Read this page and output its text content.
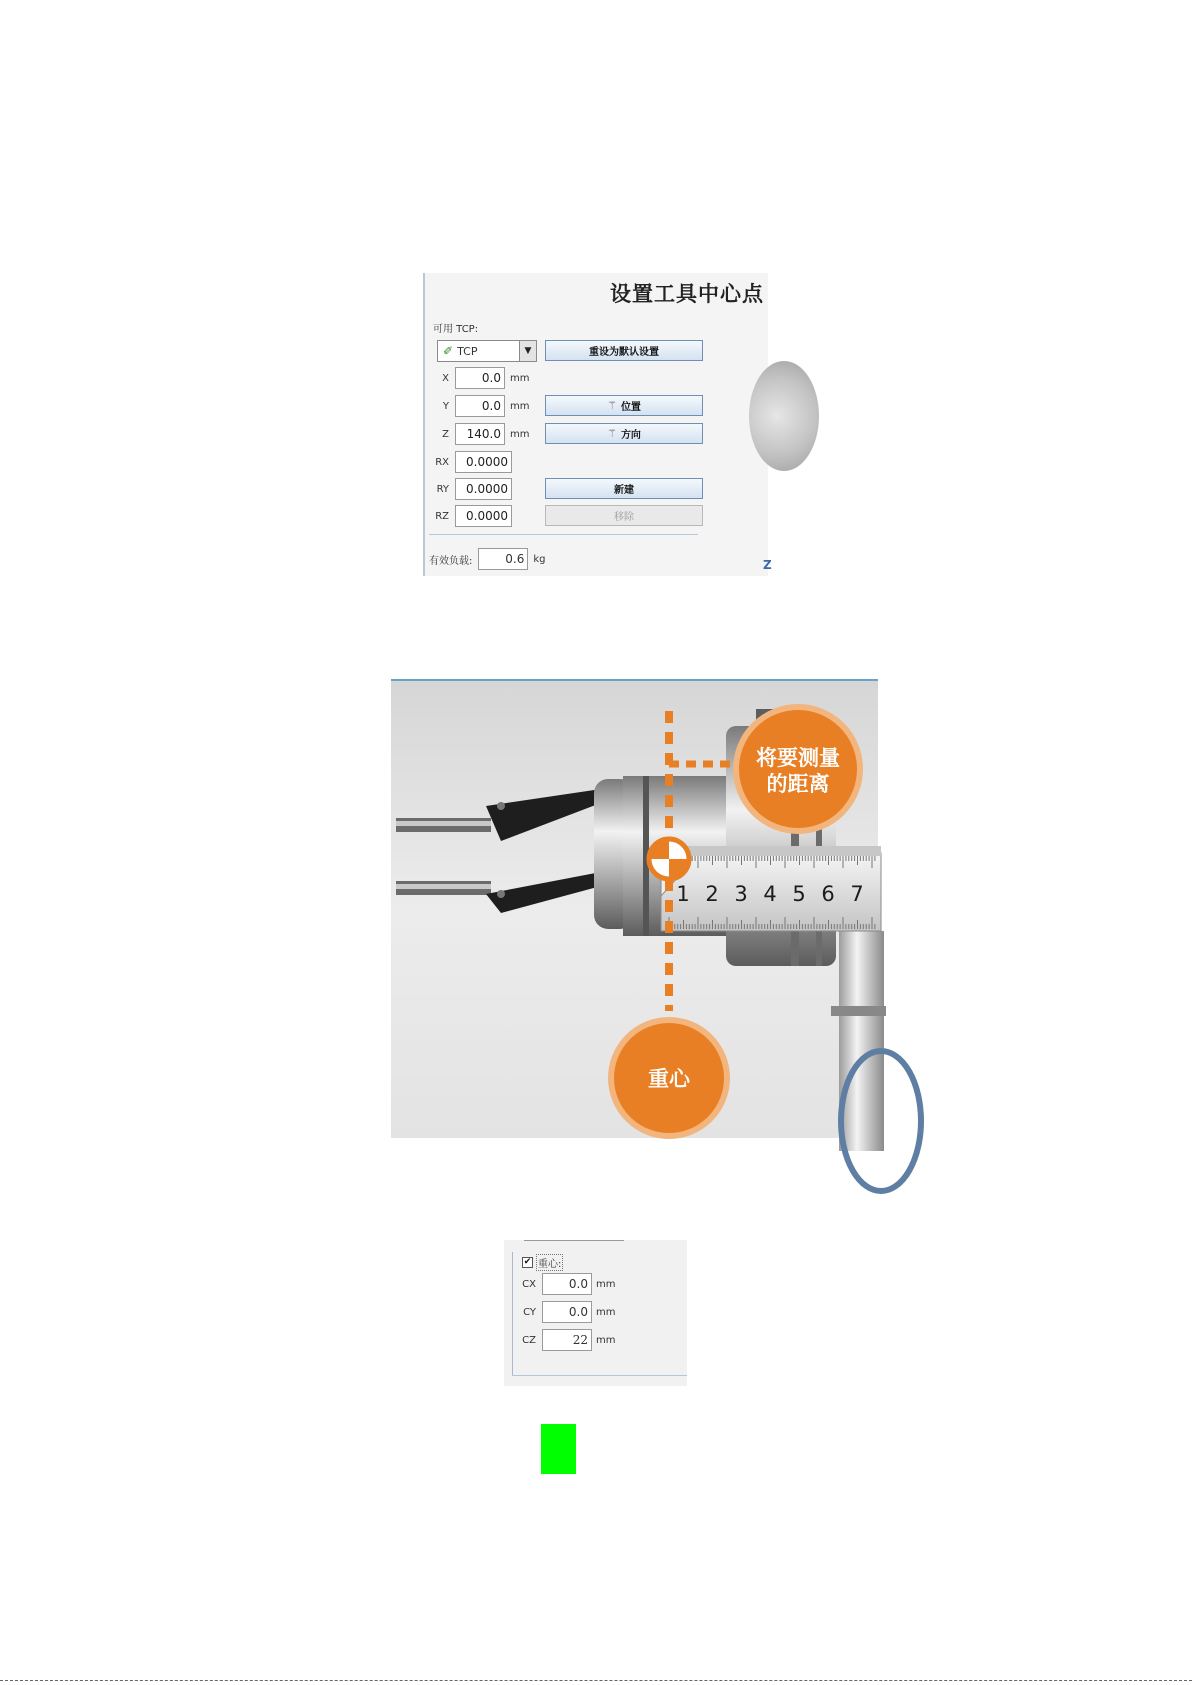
设置工具中心点
可用 TCP:
✐ TCP	▼	重设为默认设置
X	0.0 mm
Y	0.0 mm	⚚ 位置
Z	140.0 mm	⚚ 方向
RX	0.0000
RY	0.0000	新建
RZ	0.0000	移除
有效负载:	0.6 kg	Z
1 2 3 4 5 6 7
将要测量
的距离
重心
✔ 重心:
CX	0.0 mm
CY	0.0 mm
CZ	22 mm
